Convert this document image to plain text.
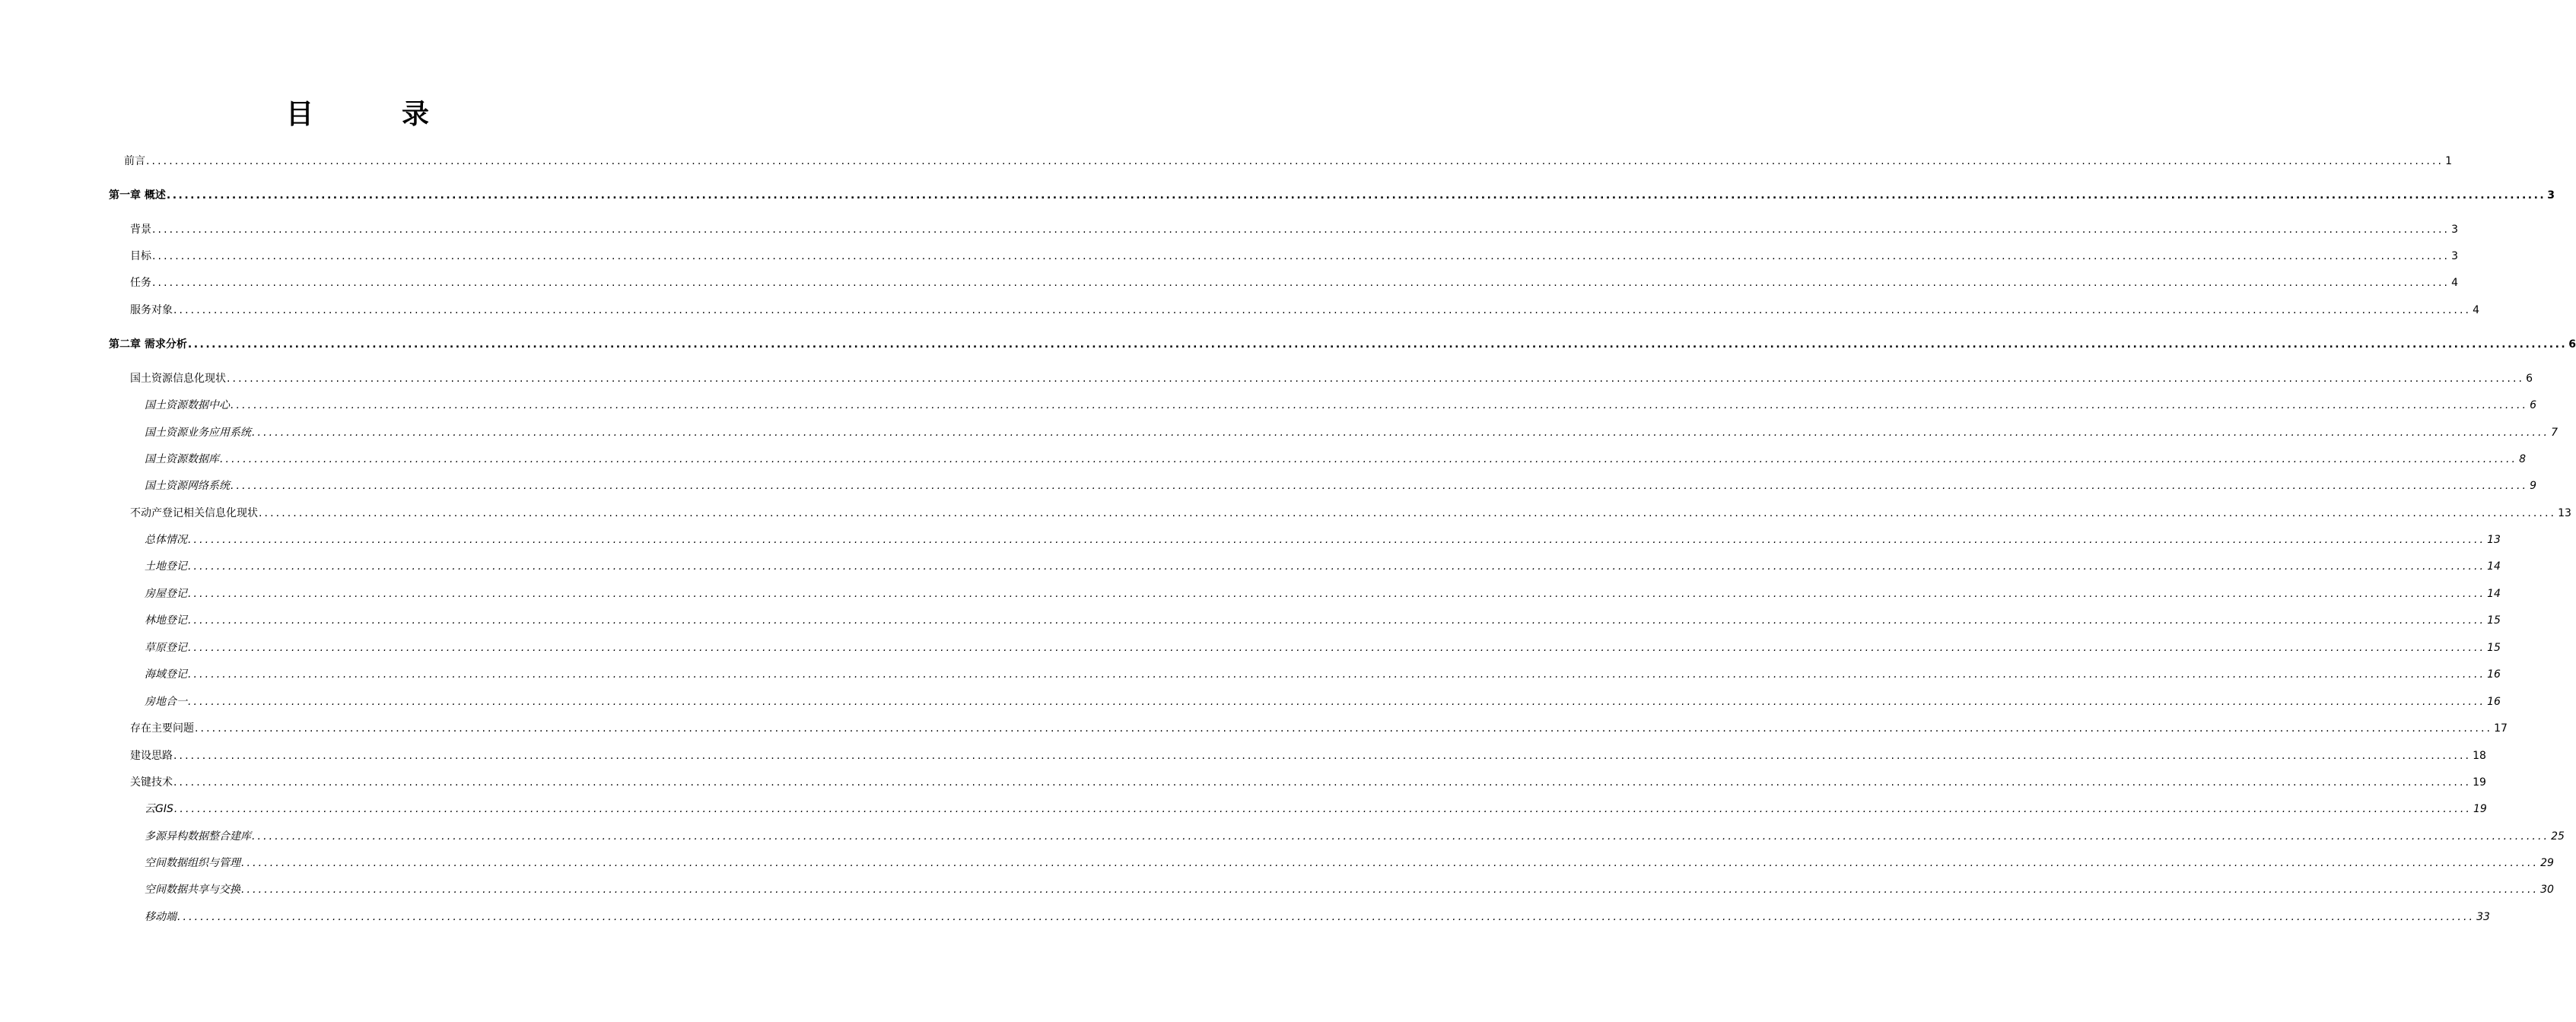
目　录
前言 ................................................................................................................................................................................................................................................................................................................................................................................................................ 1
第一章 概述 ................................................................................................................................................................................................................................................................................................................................................................................................................ 3
背景 ................................................................................................................................................................................................................................................................................................................................................................................................................ 3
目标 ................................................................................................................................................................................................................................................................................................................................................................................................................ 3
任务 ................................................................................................................................................................................................................................................................................................................................................................................................................ 4
服务对象 ................................................................................................................................................................................................................................................................................................................................................................................................................ 4
第二章 需求分析 ................................................................................................................................................................................................................................................................................................................................................................................................................ 6
国土资源信息化现状 ................................................................................................................................................................................................................................................................................................................................................................................................................ 6
国土资源数据中心 ................................................................................................................................................................................................................................................................................................................................................................................................................ 6
国土资源业务应用系统 ................................................................................................................................................................................................................................................................................................................................................................................................................ 7
国土资源数据库 ................................................................................................................................................................................................................................................................................................................................................................................................................ 8
国土资源网络系统 ................................................................................................................................................................................................................................................................................................................................................................................................................ 9
不动产登记相关信息化现状 ................................................................................................................................................................................................................................................................................................................................................................................................................ 13
总体情况 ................................................................................................................................................................................................................................................................................................................................................................................................................ 13
土地登记 ................................................................................................................................................................................................................................................................................................................................................................................................................ 14
房屋登记 ................................................................................................................................................................................................................................................................................................................................................................................................................ 14
林地登记 ................................................................................................................................................................................................................................................................................................................................................................................................................ 15
草原登记 ................................................................................................................................................................................................................................................................................................................................................................................................................ 15
海域登记 ................................................................................................................................................................................................................................................................................................................................................................................................................ 16
房地合一 ................................................................................................................................................................................................................................................................................................................................................................................................................ 16
存在主要问题 ................................................................................................................................................................................................................................................................................................................................................................................................................ 17
建设思路 ................................................................................................................................................................................................................................................................................................................................................................................................................ 18
关键技术 ................................................................................................................................................................................................................................................................................................................................................................................................................ 19
云GIS ................................................................................................................................................................................................................................................................................................................................................................................................................ 19
多源异构数据整合建库 ................................................................................................................................................................................................................................................................................................................................................................................................................ 25
空间数据组织与管理 ................................................................................................................................................................................................................................................................................................................................................................................................................ 29
空间数据共享与交换 ................................................................................................................................................................................................................................................................................................................................................................................................................ 30
移动端 ................................................................................................................................................................................................................................................................................................................................................................................................................ 33
